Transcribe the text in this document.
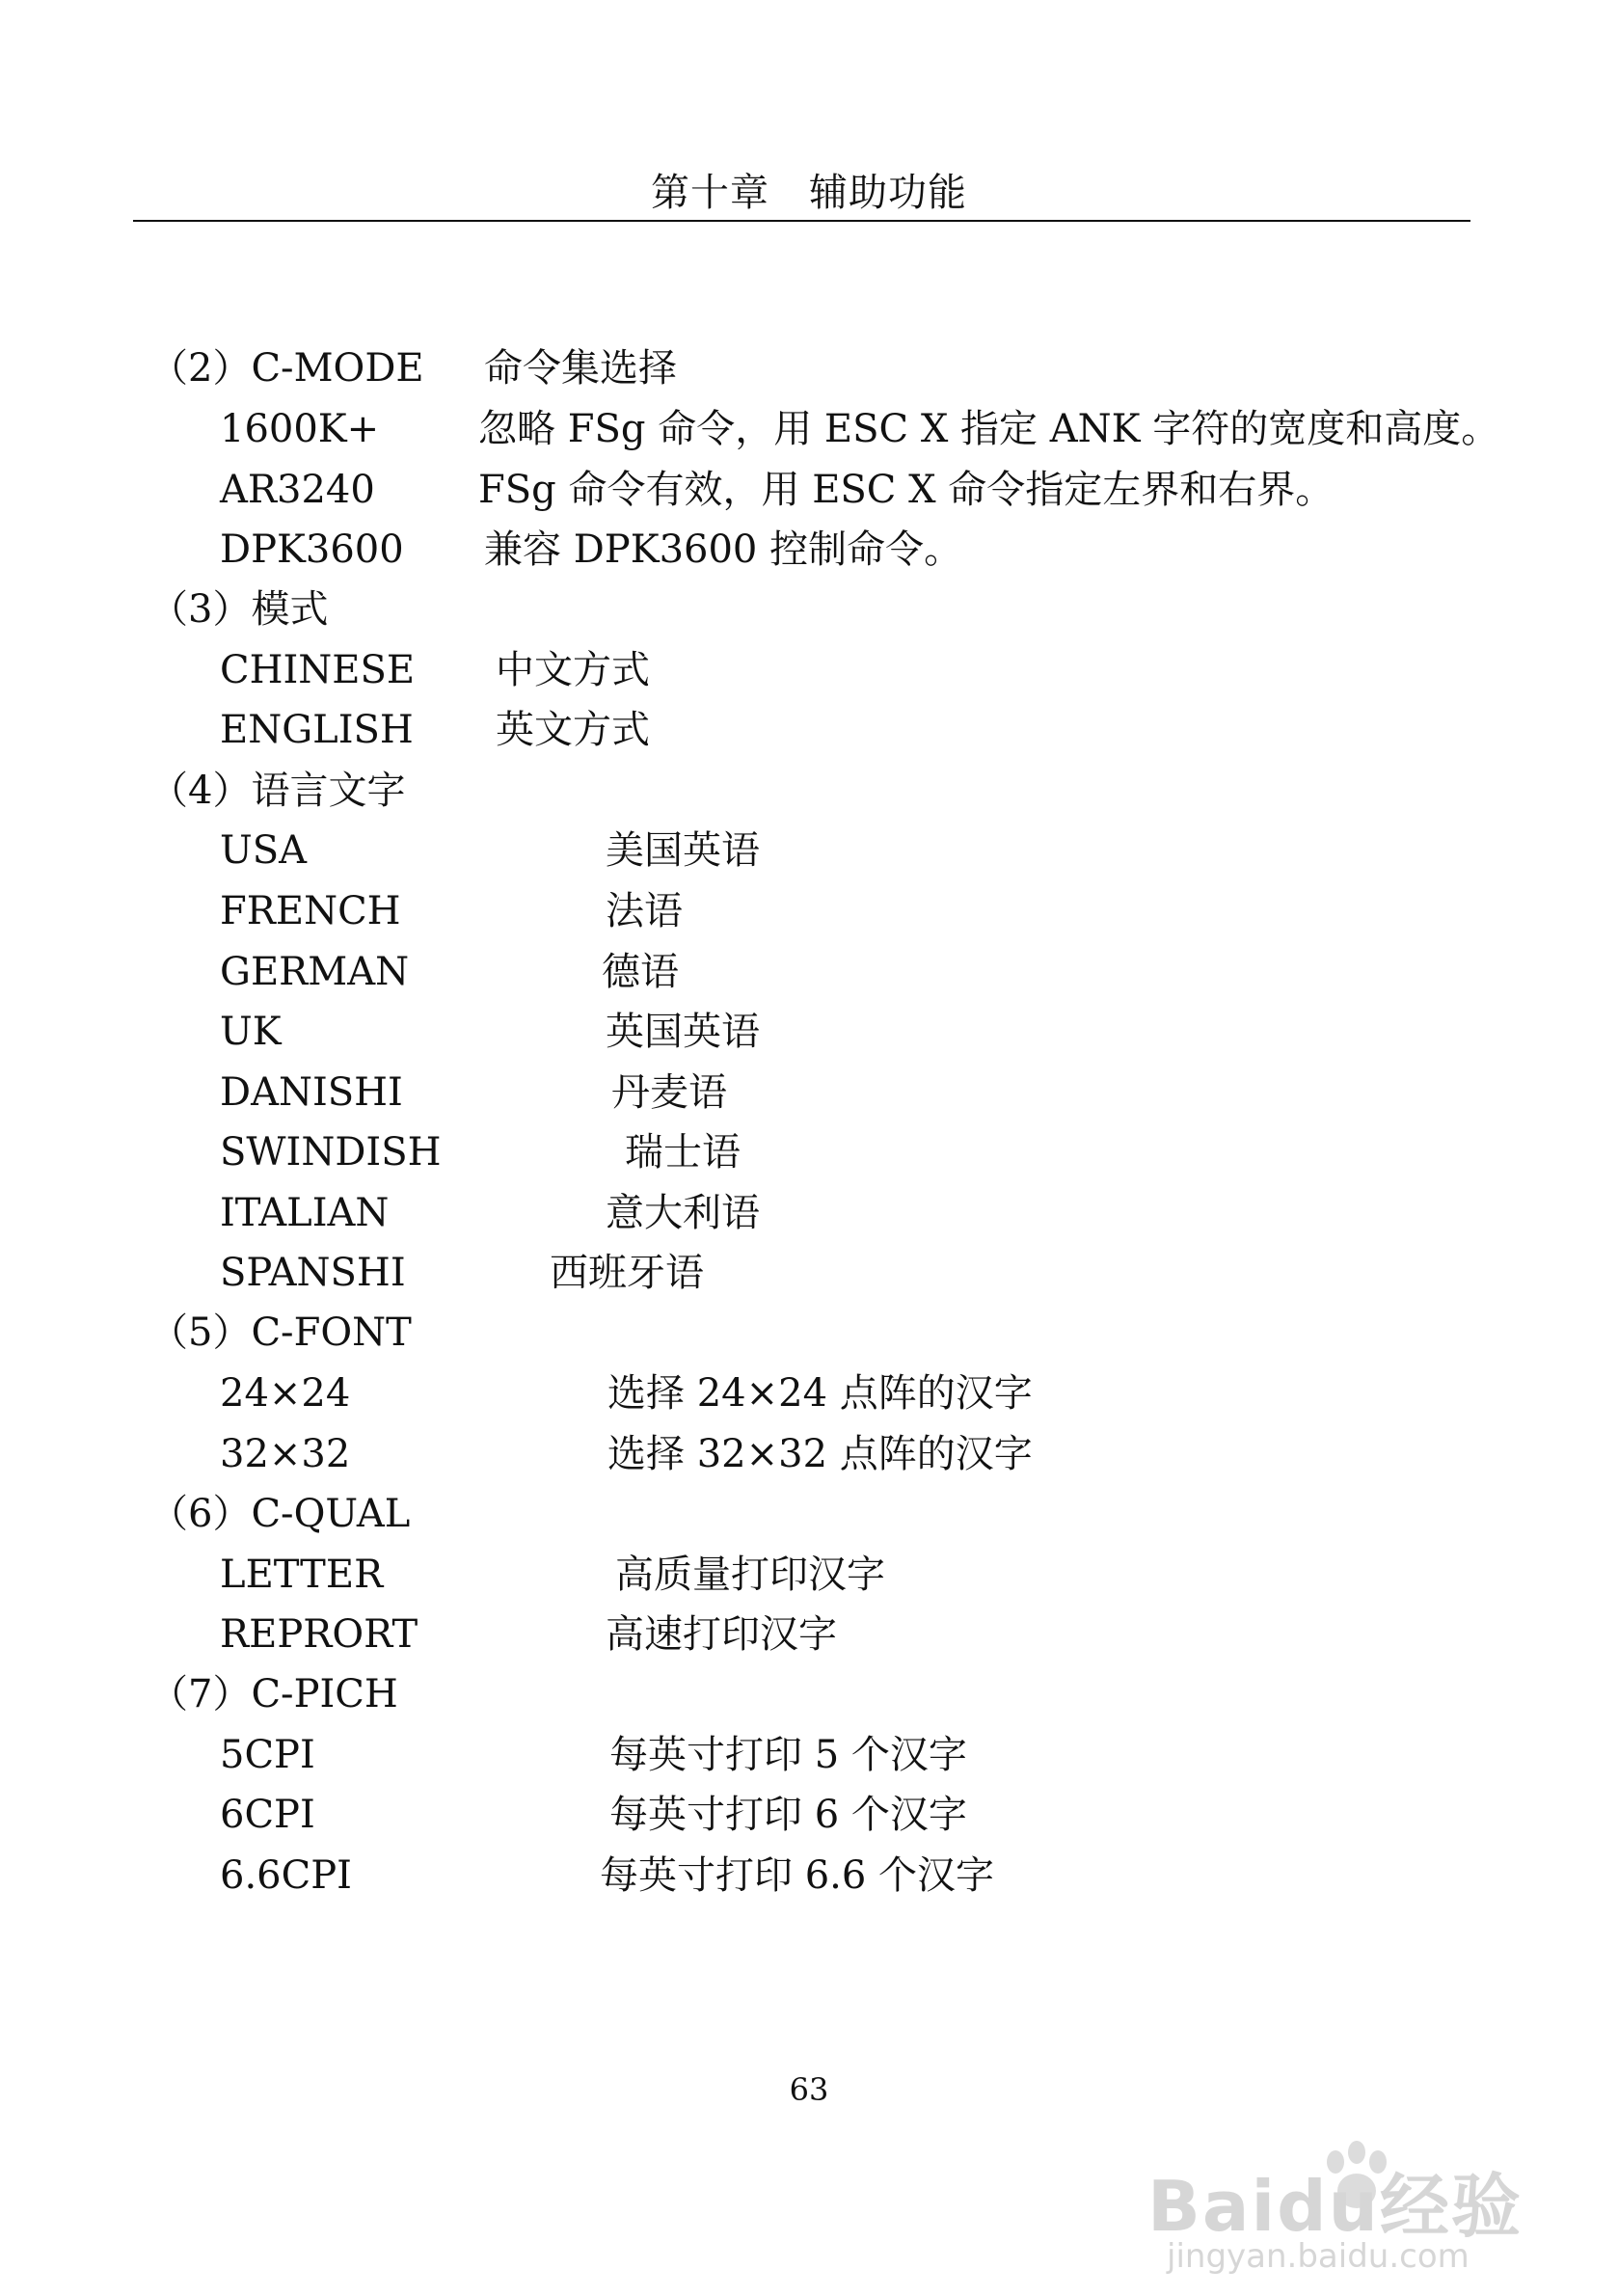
第十章　辅助功能
（2）C-MODE 命令集选择
1600K+	忽略 FSg 命令，用 ESC X 指定 ANK 字符的宽度和高度。
AR3240	FSg 命令有效，用 ESC X 命令指定左界和右界。
DPK3600 兼容 DPK3600 控制命令。
（3）模式
CHINESE 中文方式
ENGLISH 英文方式
（4）语言文字
USA	美国英语
FRENCH	法语
GERMAN	德语
UK	英国英语
DANISHI	丹麦语
SWINDISH	瑞士语
ITALIAN	意大利语
SPANSHI	西班牙语
（5）C-FONT
24×24	选择 24×24 点阵的汉字
32×32	选择 32×32 点阵的汉字
（6）C-QUAL
LETTER	高质量打印汉字
REPRORT	高速打印汉字
（7）C-PICH
5CPI	每英寸打印 5 个汉字
6CPI	每英寸打印 6 个汉字
6.6CPI	每英寸打印 6.6 个汉字
63
Baidu经验
jingyan.baidu.com
